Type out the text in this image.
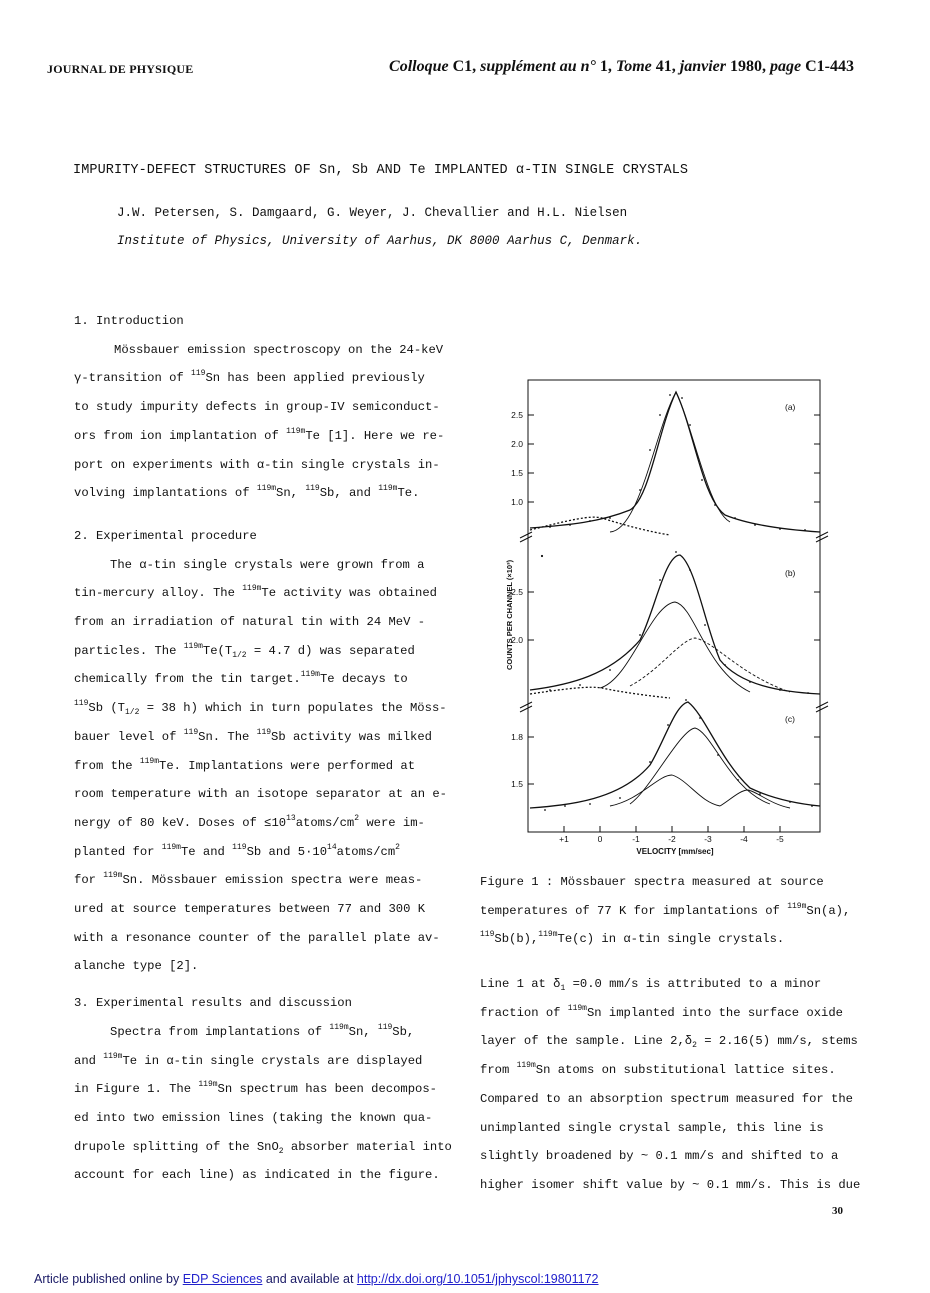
JOURNAL DE PHYSIQUE	Colloque C1, supplément au n° 1, Tome 41, janvier 1980, page C1-443
IMPURITY-DEFECT STRUCTURES OF Sn, Sb AND Te IMPLANTED α-TIN SINGLE CRYSTALS
J.W. Petersen, S. Damgaard, G. Weyer, J. Chevallier and H.L. Nielsen
Institute of Physics, University of Aarhus, DK 8000 Aarhus C, Denmark.

1. Introduction

Mössbauer emission spectroscopy on the 24-keV

γ-transition of $^{119}$Sn has been applied previously

to study impurity defects in group-IV semiconduct-

ors from ion implantation of $^{119m}$Te [1]. Here we re-

port on experiments with α-tin single crystals in-

volving implantations of $^{119m}$Sn, $^{119}$Sb, and $^{119m}$Te.

2. Experimental procedure

The α-tin single crystals were grown from a

tin-mercury alloy. The $^{119m}$Te activity was obtained

from an irradiation of natural tin with 24 MeV -

particles. The $^{119m}Te(T_{1/2} = 4.7$ d) was separated

chemically from the tin target.$^{119m}$Te decays to

$^{119}$Sb ($T_{1/2} = 38$ h) which in turn populates the Möss-

bauer level of $^{119}$Sn. The $^{119}$Sb activity was milked

from the $^{119m}$Te. Implantations were performed at

room temperature with an isotope separator at an e-

nergy of 80 keV. Doses of $\le 10^{13}atoms/cm^2$ were im-

planted for $^{119m}$Te and $^{119}$Sb and $5\cdot 10^{14}atoms/cm^2$

for $^{119m}$Sn. Mössbauer emission spectra were meas-

ured at source temperatures between 77 and 300 K

with a resonance counter of the parallel plate av-

alanche type [2].

3. Experimental results and discussion

Spectra from implantations of $^{119m}$Sn, $^{119}$Sb,

and $^{119m}$Te in α-tin single crystals are displayed

in Figure 1. The $^{119m}$Sn spectrum has been decompos-

ed into two emission lines (taking the known qua-

drupole splitting of the SnO$_2$ absorber material into

account for each line) as indicated in the figure.

2.5
2.0
1.5
1.0
2.5
2.0
1.8
1.5
(a)
(b)
(c)
+1	0	-1	-2	-3	-4	-5
VELOCITY [mm/sec]
COUNTS PER CHANNEL (×10³)

Figure 1 : Mössbauer spectra measured at source

temperatures of 77 K for implantations of $^{119m}$Sn(a),

$^{119}$Sb(b),$^{119m}$Te(c) in α-tin single crystals.

Line 1 at $\delta_1 =0.0$ mm/s is attributed to a minor

fraction of $^{119m}$Sn implanted into the surface oxide

layer of the sample. Line $2,\delta_2 = 2.16(5)$ mm/s, stems

from $^{119m}$Sn atoms on substitutional lattice sites.

Compared to an absorption spectrum measured for the

unimplanted single crystal sample, this line is

slightly broadened by ~ 0.1 mm/s and shifted to a

higher isomer shift value by ~ 0.1 mm/s. This is due

30
Article published online by EDP Sciences and available at http://dx.doi.org/10.1051/jphyscol:19801172
